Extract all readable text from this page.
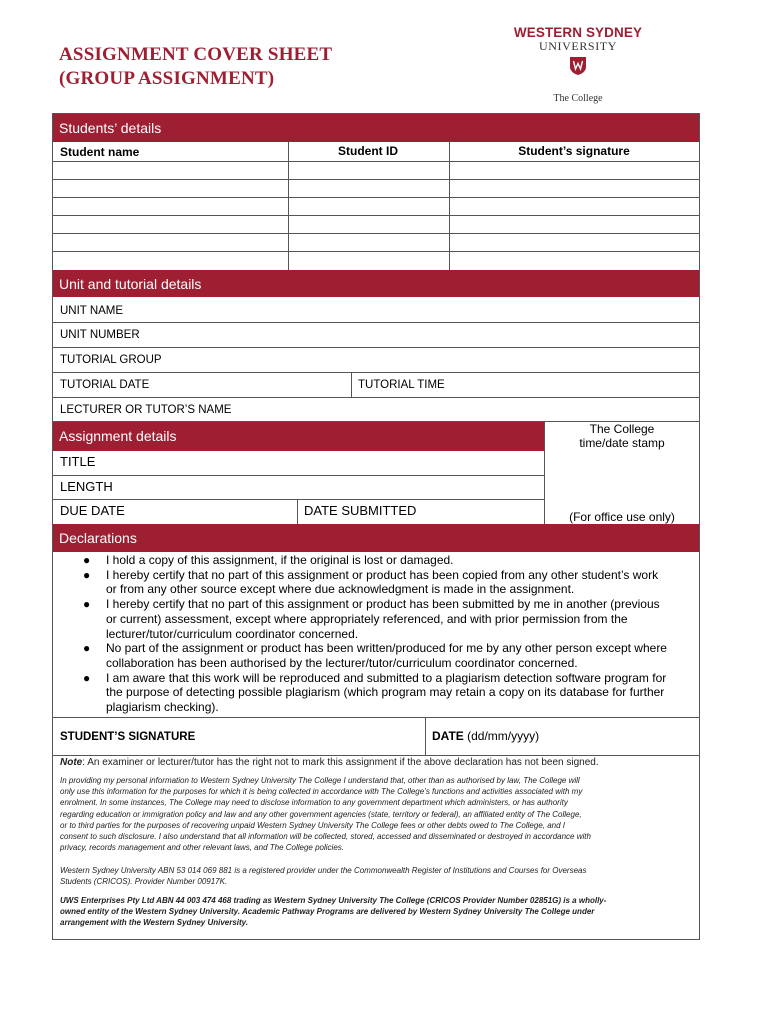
ASSIGNMENT COVER SHEET
(GROUP ASSIGNMENT)
WESTERN SYDNEY
UNIVERSITY
The College
Students’ details
Student name	Student ID	Student’s signature
Unit and tutorial details
UNIT NAME
UNIT NUMBER
TUTORIAL GROUP
TUTORIAL DATE	TUTORIAL TIME
LECTURER OR TUTOR’S NAME
Assignment details	The College
time/date stamp
(For office use only)
TITLE
LENGTH
DUE DATE	DATE SUBMITTED
Declarations
● I hold a copy of this assignment, if the original is lost or damaged.
● I hereby certify that no part of this assignment or product has been copied from any other student’s work
or from any other source except where due acknowledgment is made in the assignment.
● I hereby certify that no part of this assignment or product has been submitted by me in another (previous
or current) assessment, except where appropriately referenced, and with prior permission from the
lecturer/tutor/curriculum coordinator concerned.
● No part of the assignment or product has been written/produced for me by any other person except where
collaboration has been authorised by the lecturer/tutor/curriculum coordinator concerned.
● I am aware that this work will be reproduced and submitted to a plagiarism detection software program for
the purpose of detecting possible plagiarism (which program may retain a copy on its database for further
plagiarism checking).
STUDENT’S SIGNATURE	DATE (dd/mm/yyyy)
Note: An examiner or lecturer/tutor has the right not to mark this assignment if the above declaration has not been signed.
In providing my personal information to Western Sydney University The College I understand that, other than as authorised by law, The College will
only use this information for the purposes for which it is being collected in accordance with The College’s functions and activities associated with my
enrolment. In some instances, The College may need to disclose information to any government department which administers, or has authority
regarding education or immigration policy and law and any other government agencies (state, territory or federal), an affiliated entity of The College,
or to third parties for the purposes of recovering unpaid Western Sydney University The College fees or other debts owed to The College, and I
consent to such disclosure. I also understand that all information will be collected, stored, accessed and disseminated or destroyed in accordance with
privacy, records management and other relevant laws, and The College policies.
Western Sydney University ABN 53 014 069 881 is a registered provider under the Commonwealth Register of Institutions and Courses for Overseas
Students (CRICOS). Provider Number 00917K.
UWS Enterprises Pty Ltd ABN 44 003 474 468 trading as Western Sydney University The College (CRICOS Provider Number 02851G) is a wholly-
owned entity of the Western Sydney University. Academic Pathway Programs are delivered by Western Sydney University The College under
arrangement with the Western Sydney University.
